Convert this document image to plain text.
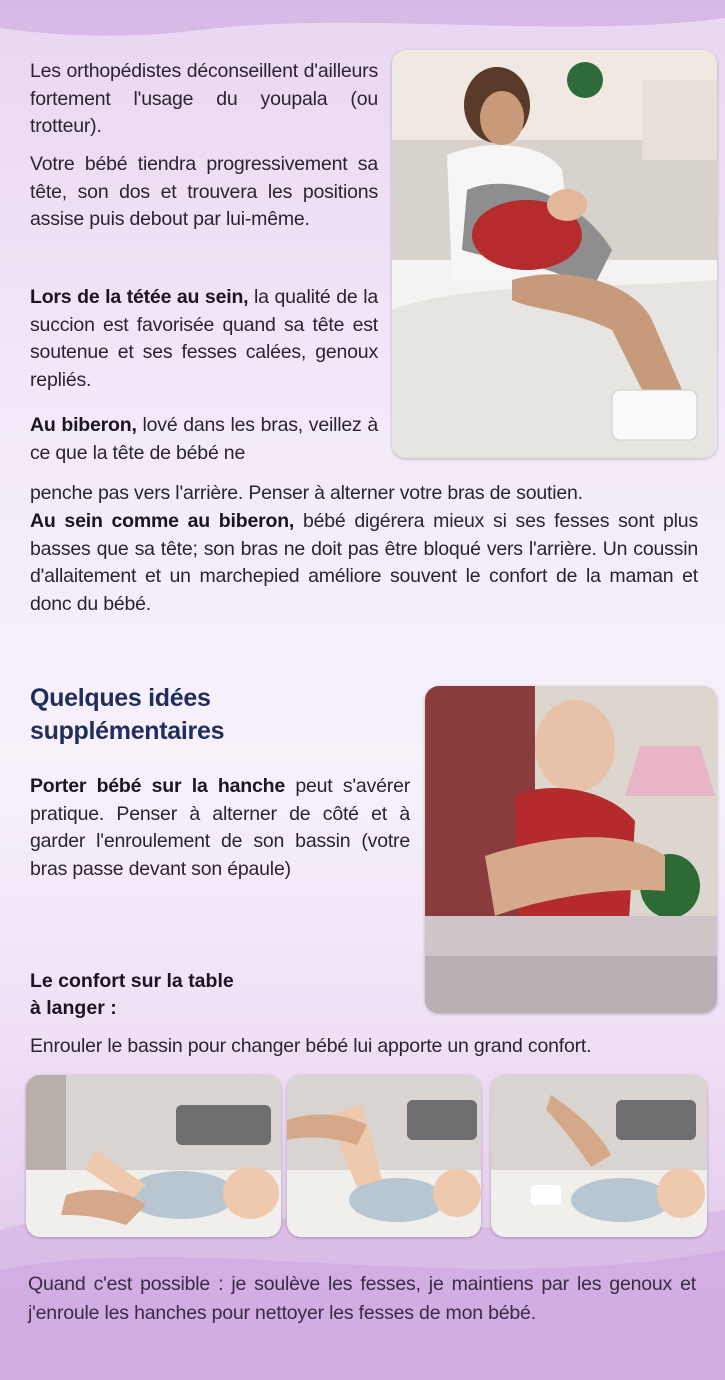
Les orthopédistes déconseillent d'ailleurs fortement l'usage du youpala (ou trotteur).

Votre bébé tiendra progressivement sa tête, son dos et trouvera les positions assise puis debout par lui-même.

Lors de la tétée au sein, la qualité de la succion est favorisée quand sa tête est soutenue et ses fesses calées, genoux repliés.

Au biberon, lové dans les bras, veillez à ce que la tête de bébé ne

penche pas vers l'arrière. Penser à alterner votre bras de soutien.

Au sein comme au biberon, bébé digérera mieux si ses fesses sont plus basses que sa tête; son bras ne doit pas être bloqué vers l'arrière. Un coussin d'allaitement et un marchepied améliore souvent le confort de la maman et donc du bébé.

Quelques idées
supplémentaires

Porter bébé sur la hanche peut s'avérer pratique. Penser à alterner de côté et à garder l'enroulement de son bassin (votre bras passe devant son épaule)

Le confort sur la table
à langer :

Enrouler le bassin pour changer bébé lui apporte un grand confort.

Quand c'est possible : je soulève les fesses, je maintiens par les genoux et j'enroule les hanches pour nettoyer les fesses de mon bébé.
